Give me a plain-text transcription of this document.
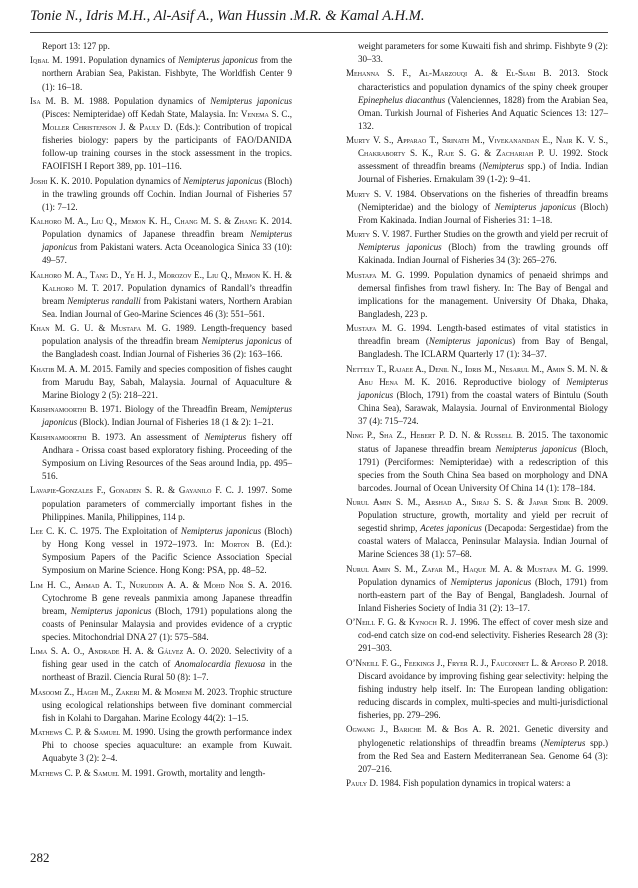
Tonie N., Idris M.H., Al-Asif A., Wan Hussin .M.R. & Kamal A.H.M.

Report 13: 127 pp.

Iqbal M. 1991. Population dynamics of Nemipterus japonicus from the northern Arabian Sea, Pakistan. Fishbyte, The Worldfish Center 9 (1): 16–18.

Isa M. B. M. 1988. Population dynamics of Nemipterus japonicus (Pisces: Nemipteridae) off Kedah State, Malaysia. In: Venema S. C., Moller Christenson J. & Pauly D. (Eds.): Contribution of tropical fisheries biology: papers by the participants of FAO/DANIDA follow-up training courses in the stock assessment in the tropics. FAOIFISH I Report 389, pp. 101–116.

Joshi K. K. 2010. Population dynamics of Nemipterus japonicus (Bloch) in the trawling grounds off Cochin. Indian Journal of Fisheries 57 (1): 7–12.

Kalhoro M. A., Liu Q., Memon K. H., Chang M. S. & Zhang K. 2014. Population dynamics of Japanese threadfin bream Nemipterus japonicus from Pakistani waters. Acta Oceanologica Sinica 33 (10): 49–57.

Kalhoro M. A., Tang D., Ye H. J., Morozov E., Liu Q., Memon K. H. & Kalhoro M. T. 2017. Population dynamics of Randall’s threadfin bream Nemipterus randalli from Pakistani waters, Northern Arabian Sea. Indian Journal of Geo-Marine Sciences 46 (3): 551–561.

Khan M. G. U. & Mustafa M. G. 1989. Length-frequency based population analysis of the threadfin bream Nemipterus japonicus of the Bangladesh coast. Indian Journal of Fisheries 36 (2): 163–166.

Khatib M. A. M. 2015. Family and species composition of fishes caught from Marudu Bay, Sabah, Malaysia. Journal of Aquaculture & Marine Biology 2 (5): 218–221.

Krishnamoorthi B. 1971. Biology of the Threadfin Bream, Nemipterus japonicus (Block). Indian Journal of Fisheries 18 (1 & 2): 1–21.

Krishnamoorthi B. 1973. An assessment of Nemipterus fishery off Andhara - Orissa coast based exploratory fishing. Proceeding of the Symposium on Living Resources of the Seas around India, pp. 495–516.

Lavapie-Gonzales F., Gonaden S. R. & Gayanilo F. C. J. 1997. Some population parameters of commercially important fishes in the Philippines. Manila, Philippines, 114 p.

Lee C. K. C. 1975. The Exploitation of Nemipterus japonicus (Bloch) by Hong Kong vessel in 1972–1973. In: Morton B. (Ed.): Symposium Papers of the Pacific Science Association Special Symposium on Marine Science. Hong Kong: PSA, pp. 48–52.

Lim H. C., Ahmad A. T., Nuruddin A. A. & Mohd Nor S. A. 2016. Cytochrome B gene reveals panmixia among Japanese threadfin bream, Nemipterus japonicus (Bloch, 1791) populations along the coasts of Peninsular Malaysia and provides evidence of a cryptic species. Mitochondrial DNA 27 (1): 575–584.

Lima S. A. O., Andrade H. A. & Gálvez A. O. 2020. Selectivity of a fishing gear used in the catch of Anomalocardia flexuosa in the northeast of Brazil. Ciencia Rural 50 (8): 1–7.

Masoomi Z., Haghi M., Zakeri M. & Momeni M. 2023. Trophic structure using ecological relationships between five dominant commercial fish in Kolahi to Dargahan. Marine Ecology 44(2): 1–15.

Mathews C. P. & Samuel M. 1990. Using the growth performance index Phi to choose species aquaculture: an example from Kuwait. Aquabyte 3 (2): 2–4.

Mathews C. P. & Samuel M. 1991. Growth, mortality and length-

weight parameters for some Kuwaiti fish and shrimp. Fishbyte 9 (2): 30–33.

Mehanna S. F., Al-Marzouqi A. & El-Siabi B. 2013. Stock characteristics and population dynamics of the spiny cheek grouper Epinephelus diacanthus (Valenciennes, 1828) from the Arabian Sea, Oman. Turkish Journal of Fisheries And Aquatic Sciences 13: 127–132.

Murty V. S., Apparao T., Srinath M., Vivekanandan E., Nair K. V. S., Chakraborty S. K., Raje S. G. & Zachariah P. U. 1992. Stock assessment of threadfin breams (Nemipterus spp.) of India. Indian Journal of Fisheries. Ernakulam 39 (1-2): 9–41.

Murty S. V. 1984. Observations on the fisheries of threadfin breams (Nemipteridae) and the biology of Nemipterus japonicus (Bloch) From Kakinada. Indian Journal of Fisheries 31: 1–18.

Murty S. V. 1987. Further Studies on the growth and yield per recruit of Nemipterus japonicus (Bloch) from the trawling grounds off Kakinada. Indian Journal of Fisheries 34 (3): 265–276.

Mustafa M. G. 1999. Population dynamics of penaeid shrimps and demersal finfishes from trawl fishery. In: The Bay of Bengal and implications for the management. University Of Dhaka, Dhaka, Bangladesh, 223 p.

Mustafa M. G. 1994. Length-based estimates of vital statistics in threadfin bream (Nemipterus japonicus) from Bay of Bengal, Bangladesh. The ICLARM Quarterly 17 (1): 34–37.

Nettely T., Rajaee A., Denil N., Idris M., Nesarul M., Amin S. M. N. & Abu Hena M. K. 2016. Reproductive biology of Nemipterus japonicus (Bloch, 1791) from the coastal waters of Bintulu (South China Sea), Sarawak, Malaysia. Journal of Environmental Biology 37 (4): 715–724.

Ning P., Sha Z., Hebert P. D. N. & Russell B. 2015. The taxonomic status of Japanese threadfin bream Nemipterus japonicus (Bloch, 1791) (Perciformes: Nemipteridae) with a redescription of this species from the South China Sea based on morphology and DNA barcodes. Journal of Ocean University Of China 14 (1): 178–184.

Nurul Amin S. M., Arshad A., Siraj S. S. & Japar Sidik B. 2009. Population structure, growth, mortality and yield per recruit of segestid shrimp, Acetes japonicus (Decapoda: Sergestidae) from the coastal waters of Malacca, Peninsular Malaysia. Indian Journal of Marine Sciences 38 (1): 57–68.

Nurul Amin S. M., Zafar M., Haque M. A. & Mustafa M. G. 1999. Population dynamics of Nemipterus japonicus (Bloch, 1791) from north-eastern part of the Bay of Bengal, Bangladesh. Journal of Inland Fisheries Society of India 31 (2): 13–17.

O’Neill F. G. & Kynoch R. J. 1996. The effect of cover mesh size and cod-end catch size on cod-end selectivity. Fisheries Research 28 (3): 291–303.

O’Nneill F. G., Feekings J., Fryer R. J., Fauconnet L. & Afonso P. 2018. Discard avoidance by improving fishing gear selectivity: helping the fishing industry help itself. In: The European landing obligation: reducing discards in complex, multi-species and multi-jurisdictional fisheries, pp. 279–296.

Ogwang J., Bariche M. & Bos A. R. 2021. Genetic diversity and phylogenetic relationships of threadfin breams (Nemipterus spp.) from the Red Sea and Eastern Mediterranean Sea. Genome 64 (3): 207–216.

Pauly D. 1984. Fish population dynamics in tropical waters: a

282
